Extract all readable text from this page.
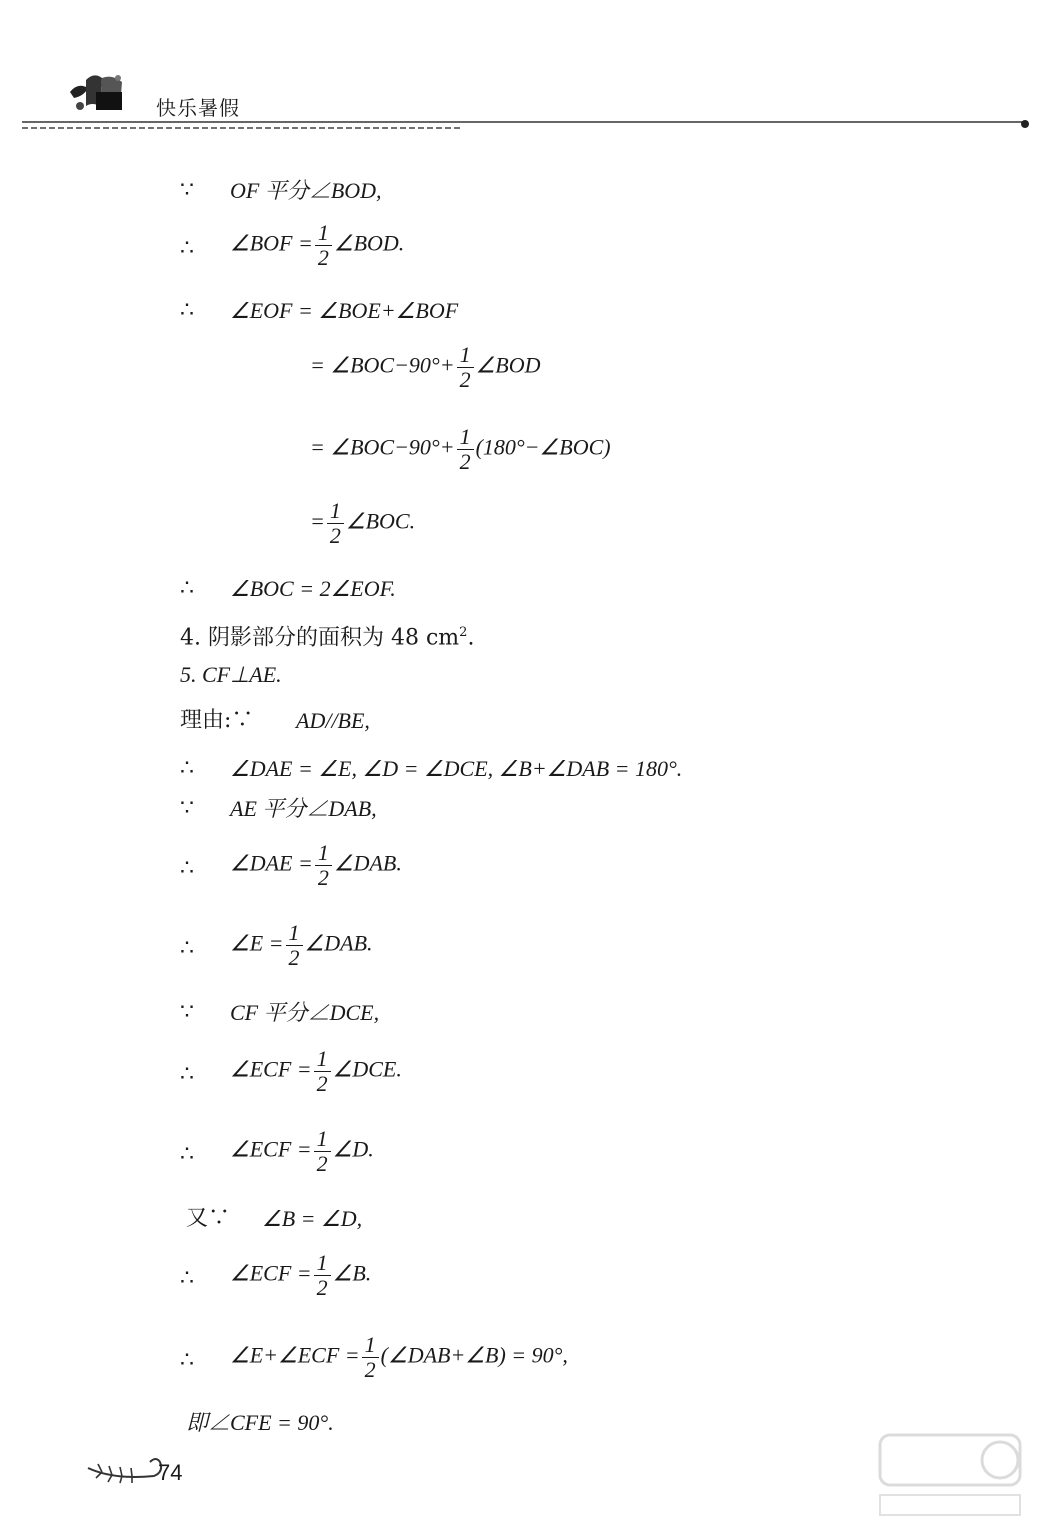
快乐暑假
∵	OF 平分∠BOD,
∴	∠BOF = $\frac{1}{2}$ ∠BOD.
∴	∠EOF = ∠BOE+∠BOF
= ∠BOC−90°+ $\frac{1}{2}$ ∠BOD
= ∠BOC−90°+ $\frac{1}{2}$ (180°−∠BOC)
= $\frac{1}{2}$ ∠BOC.
∴	∠BOC = 2∠EOF.
4. 阴影部分的面积为 48 $cm^2$.
5. CF⊥AE.
理由:∵ AD//BE,
∴	∠DAE = ∠E, ∠D = ∠DCE, ∠B+∠DAB = 180°.
∵	AE 平分∠DAB,
∴	∠DAE = $\frac{1}{2}$ ∠DAB.
∴	∠E = $\frac{1}{2}$ ∠DAB.
∵	CF 平分∠DCE,
∴	∠ECF = $\frac{1}{2}$ ∠DCE.
∴	∠ECF = $\frac{1}{2}$ ∠D.
又∵ ∠B = ∠D,
∴	∠ECF = $\frac{1}{2}$ ∠B.
∴	∠E+∠ECF = $\frac{1}{2}$ (∠DAB+∠B) = 90°,
即∠CFE = 90°.
74
